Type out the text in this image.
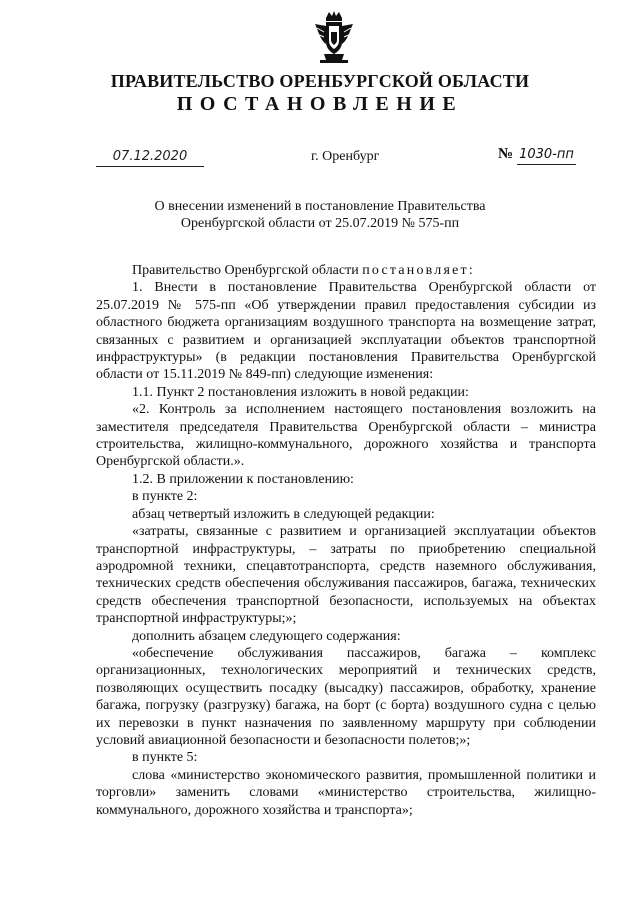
ПРАВИТЕЛЬСТВО ОРЕНБУРГСКОЙ ОБЛАСТИ
ПОСТАНОВЛЕНИЕ
07.12.2020	г. Оренбург	№ 1030-пп
О внесении изменений в постановление Правительства
Оренбургской области от 25.07.2019 № 575-пп

Правительство Оренбургской области постановляет:

1. Внести в постановление Правительства Оренбургской области от 25.07.2019 № 575-пп «Об утверждении правил предоставления субсидии из областного бюджета организациям воздушного транспорта на возмещение затрат, связанных с развитием и организацией эксплуатации объектов транспортной инфраструктуры» (в редакции постановления Правительства Оренбургской области от 15.11.2019 № 849-пп) следующие изменения:

1.1. Пункт 2 постановления изложить в новой редакции:

«2. Контроль за исполнением настоящего постановления возложить на заместителя председателя Правительства Оренбургской области – министра строительства, жилищно-коммунального, дорожного хозяйства и транспорта Оренбургской области.».

1.2. В приложении к постановлению:

в пункте 2:

абзац четвертый изложить в следующей редакции:

«затраты, связанные с развитием и организацией эксплуатации объектов транспортной инфраструктуры, – затраты по приобретению специальной аэродромной техники, спецавтотранспорта, средств наземного обслуживания, технических средств обеспечения обслуживания пассажиров, багажа, технических средств обеспечения транспортной безопасности, используемых на объектах транспортной инфраструктуры;»;

дополнить абзацем следующего содержания:

«обеспечение обслуживания пассажиров, багажа – комплекс организационных, технологических мероприятий и технических средств, позволяющих осуществить посадку (высадку) пассажиров, обработку, хранение багажа, погрузку (разгрузку) багажа, на борт (с борта) воздушного судна с целью их перевозки в пункт назначения по заявленному маршруту при соблюдении условий авиационной безопасности и безопасности полетов;»;

в пункте 5:

слова «министерство экономического развития, промышленной политики и торговли» заменить словами «министерство строительства, жилищно-коммунального, дорожного хозяйства и транспорта»;
